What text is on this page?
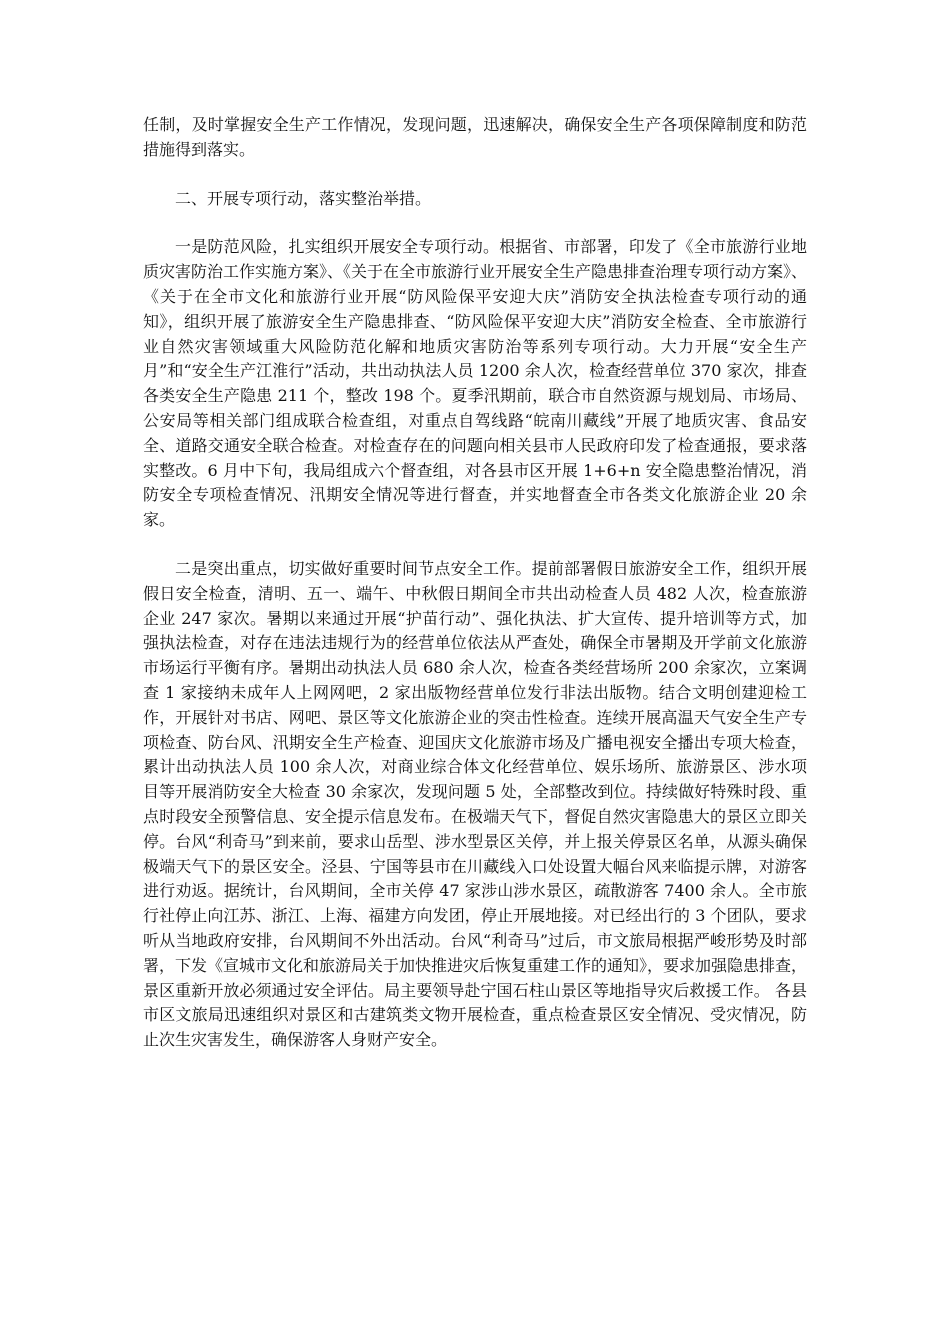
任制，及时掌握安全生产工作情况，发现问题，迅速解决，确保安全生产各项保障制度和防范措施得到落实。

二、开展专项行动，落实整治举措。

一是防范风险，扎实组织开展安全专项行动。根据省、市部署，印发了《全市旅游行业地质灾害防治工作实施方案》、《关于在全市旅游行业开展安全生产隐患排查治理专项行动方案》、《关于在全市文化和旅游行业开展“防风险保平安迎大庆”消防安全执法检查专项行动的通知》，组织开展了旅游安全生产隐患排查、“防风险保平安迎大庆”消防安全检查、全市旅游行业自然灾害领域重大风险防范化解和地质灾害防治等系列专项行动。大力开展“安全生产月”和“安全生产江淮行”活动，共出动执法人员 1200 余人次，检查经营单位 370 家次，排查各类安全生产隐患 211 个，整改 198 个。夏季汛期前，联合市自然资源与规划局、市场局、公安局等相关部门组成联合检查组，对重点自驾线路“皖南川藏线”开展了地质灾害、食品安全、道路交通安全联合检查。对检查存在的问题向相关县市人民政府印发了检查通报，要求落实整改。6 月中下旬，我局组成六个督查组，对各县市区开展 1+6+n 安全隐患整治情况，消防安全专项检查情况、汛期安全情况等进行督查，并实地督查全市各类文化旅游企业 20 余家。

二是突出重点，切实做好重要时间节点安全工作。提前部署假日旅游安全工作，组织开展假日安全检查，清明、五一、端午、中秋假日期间全市共出动检查人员 482 人次，检查旅游企业 247 家次。暑期以来通过开展“护苗行动”、强化执法、扩大宣传、提升培训等方式，加强执法检查，对存在违法违规行为的经营单位依法从严查处，确保全市暑期及开学前文化旅游市场运行平衡有序。暑期出动执法人员 680 余人次，检查各类经营场所 200 余家次，立案调查 1 家接纳未成年人上网网吧，2 家出版物经营单位发行非法出版物。结合文明创建迎检工作，开展针对书店、网吧、景区等文化旅游企业的突击性检查。连续开展高温天气安全生产专项检查、防台风、汛期安全生产检查、迎国庆文化旅游市场及广播电视安全播出专项大检查，累计出动执法人员 100 余人次，对商业综合体文化经营单位、娱乐场所、旅游景区、涉水项目等开展消防安全大检查 30 余家次，发现问题 5 处，全部整改到位。持续做好特殊时段、重点时段安全预警信息、安全提示信息发布。在极端天气下，督促自然灾害隐患大的景区立即关停。台风“利奇马”到来前，要求山岳型、涉水型景区关停，并上报关停景区名单，从源头确保极端天气下的景区安全。泾县、宁国等县市在川藏线入口处设置大幅台风来临提示牌，对游客进行劝返。据统计，台风期间，全市关停 47 家涉山涉水景区，疏散游客 7400 余人。全市旅行社停止向江苏、浙江、上海、福建方向发团，停止开展地接。对已经出行的 3 个团队，要求听从当地政府安排，台风期间不外出活动。台风“利奇马”过后，市文旅局根据严峻形势及时部署，下发《宣城市文化和旅游局关于加快推进灾后恢复重建工作的通知》，要求加强隐患排查，景区重新开放必须通过安全评估。局主要领导赴宁国石柱山景区等地指导灾后救援工作。 各县市区文旅局迅速组织对景区和古建筑类文物开展检查，重点检查景区安全情况、受灾情况，防止次生灾害发生，确保游客人身财产安全。
